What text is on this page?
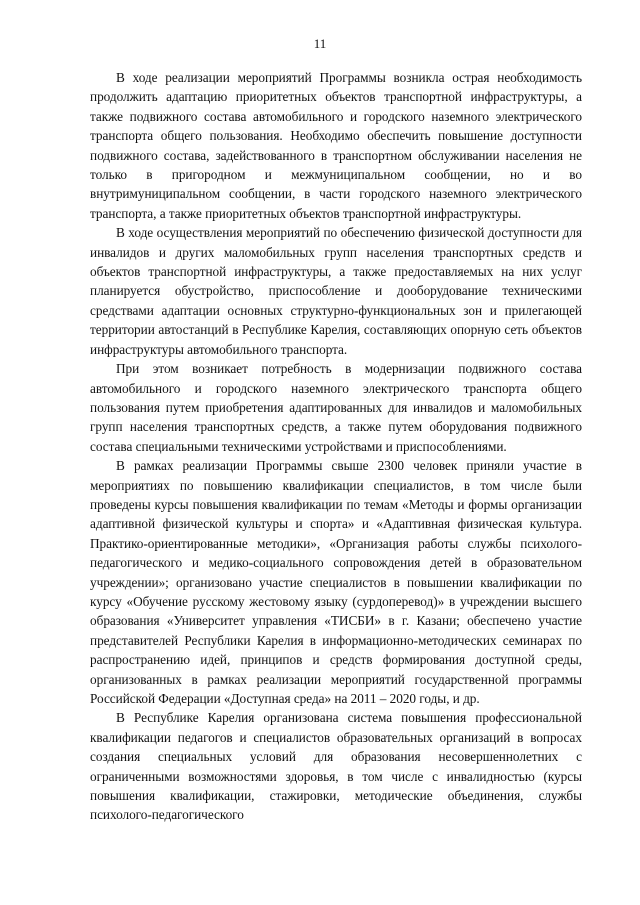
11

В ходе реализации мероприятий Программы возникла острая необходимость продолжить адаптацию приоритетных объектов транспортной инфраструктуры, а также подвижного состава автомобильного и городского наземного электрического транспорта общего пользования. Необходимо обеспечить повышение доступности подвижного состава, задействованного в транспортном обслуживании населения не только в пригородном и межмуниципальном сообщении, но и во внутримуниципальном сообщении, в части городского наземного электрического транспорта, а также приоритетных объектов транспортной инфраструктуры.

В ходе осуществления мероприятий по обеспечению физической доступности для инвалидов и других маломобильных групп населения транспортных средств и объектов транспортной инфраструктуры, а также предоставляемых на них услуг планируется обустройство, приспособление и дооборудование техническими средствами адаптации основных структурно-функциональных зон и прилегающей территории автостанций в Республике Карелия, составляющих опорную сеть объектов инфраструктуры автомобильного транспорта.

При этом возникает потребность в модернизации подвижного состава автомобильного и городского наземного электрического транспорта общего пользования путем приобретения адаптированных для инвалидов и маломобильных групп населения транспортных средств, а также путем оборудования подвижного состава специальными техническими устройствами и приспособлениями.

В рамках реализации Программы свыше 2300 человек приняли участие в мероприятиях по повышению квалификации специалистов, в том числе были проведены курсы повышения квалификации по темам «Методы и формы организации адаптивной физической культуры и спорта» и «Адаптивная физическая культура. Практико-ориентированные методики», «Организация работы службы психолого-педагогического и медико-социального сопровождения детей в образовательном учреждении»; организовано участие специалистов в повышении квалификации по курсу «Обучение русскому жестовому языку (сурдоперевод)» в учреждении высшего образования «Университет управления «ТИСБИ» в г. Казани; обеспечено участие представителей Республики Карелия в информационно-методических семинарах по распространению идей, принципов и средств формирования доступной среды, организованных в рамках реализации мероприятий государственной программы Российской Федерации «Доступная среда» на 2011 – 2020 годы, и др.

В Республике Карелия организована система повышения профессиональной квалификации педагогов и специалистов образовательных организаций в вопросах создания специальных условий для образования несовершеннолетних с ограниченными возможностями здоровья, в том числе с инвалидностью (курсы повышения квалификации, стажировки, методические объединения, службы психолого-педагогического
